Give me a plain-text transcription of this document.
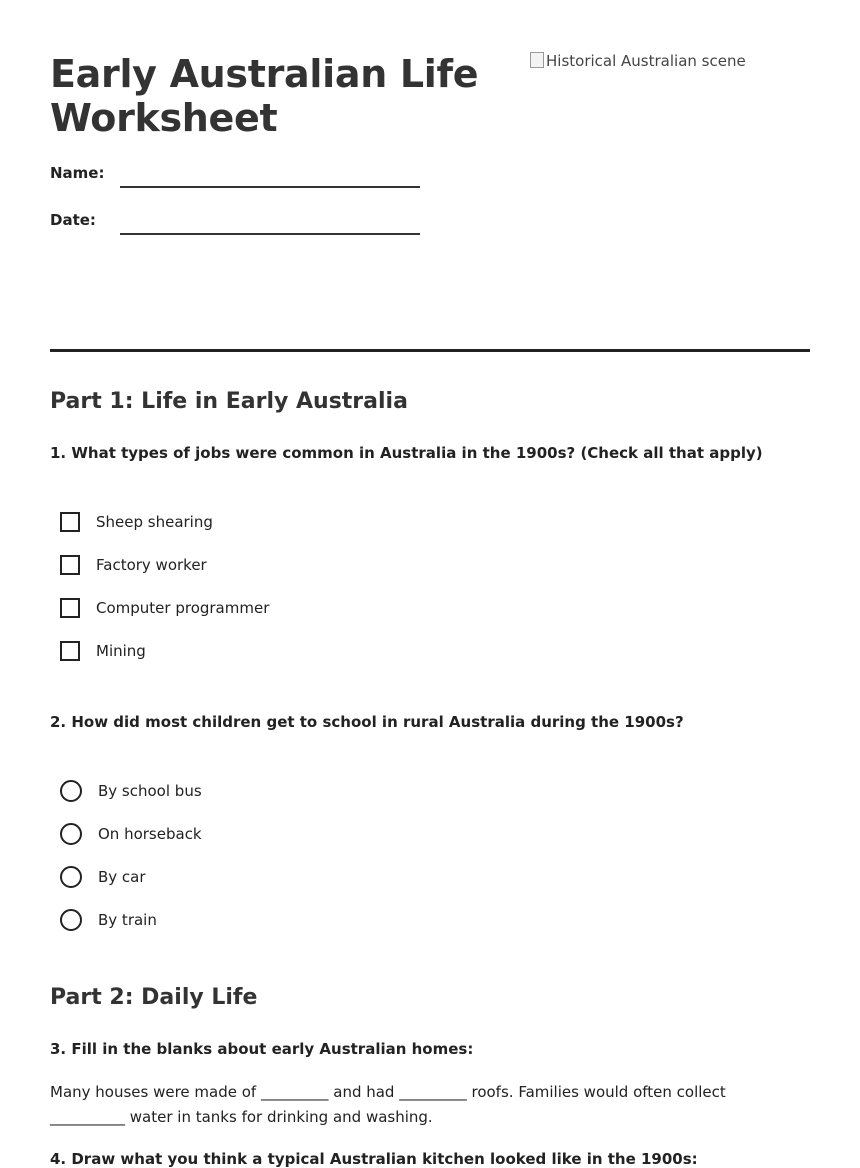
Early Australian Life Worksheet
Historical Australian scene
Name:
Date:
Part 1: Life in Early Australia

1. What types of jobs were common in Australia in the 1900s? (Check all that apply)

Sheep shearing
Factory worker
Computer programmer
Mining

2. How did most children get to school in rural Australia during the 1900s?

By school bus
On horseback
By car
By train
Part 2: Daily Life

3. Fill in the blanks about early Australian homes:

Many houses were made of _________ and had _________ roofs. Families would often collect __________ water in tanks for drinking and washing.

4. Draw what you think a typical Australian kitchen looked like in the 1900s:
